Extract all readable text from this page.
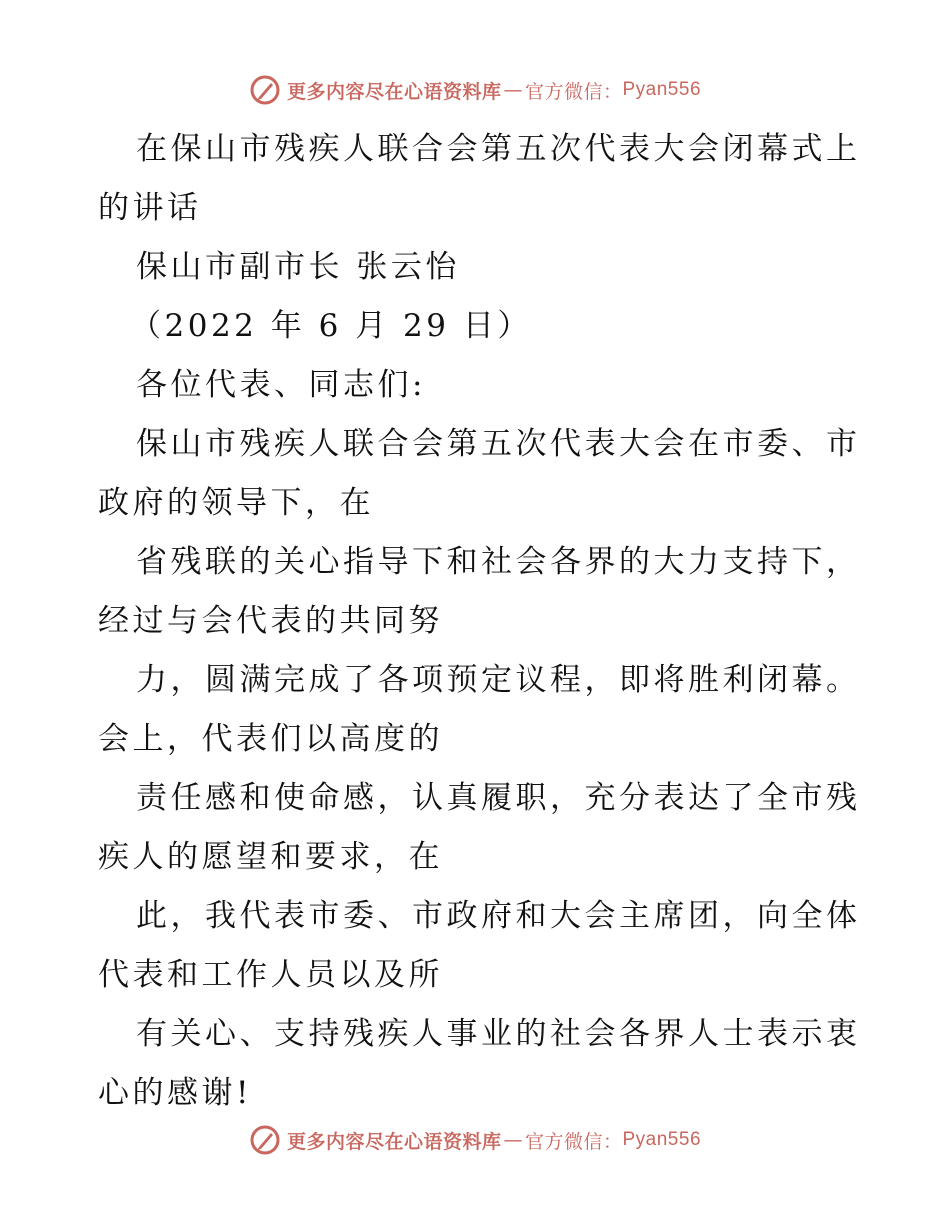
更多内容尽在心语资料库 — 官方微信： Pyan556
在保山市残疾人联合会第五次代表大会闭幕式上
的讲话
保山市副市长 张云怡
（2022 年 6 月 29 日）
各位代表、同志们:
保山市残疾人联合会第五次代表大会在市委、市
政府的领导下，在
省残联的关心指导下和社会各界的大力支持下，
经过与会代表的共同努
力，圆满完成了各项预定议程，即将胜利闭幕。
会上，代表们以高度的
责任感和使命感，认真履职，充分表达了全市残
疾人的愿望和要求，在
此，我代表市委、市政府和大会主席团，向全体
代表和工作人员以及所
有关心、支持残疾人事业的社会各界人士表示衷
心的感谢!
更多内容尽在心语资料库 — 官方微信： Pyan556
